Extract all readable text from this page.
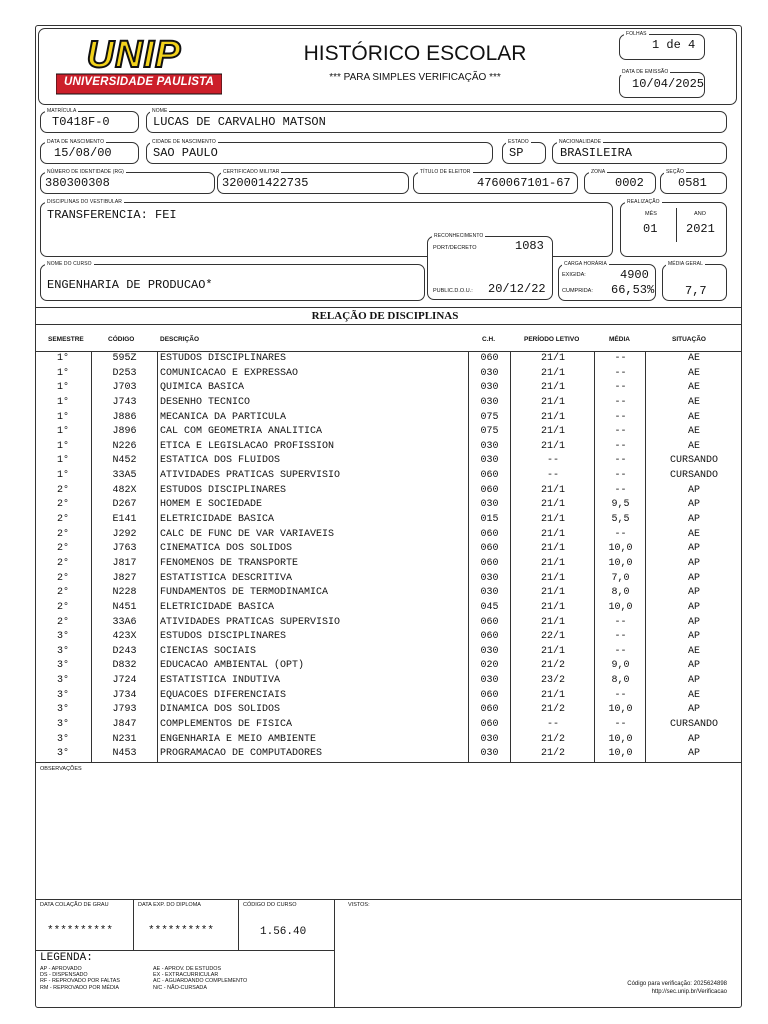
UNIP
UNIVERSIDADE PAULISTA
HISTÓRICO ESCOLAR
*** PARA SIMPLES VERIFICAÇÃO ***
FOLHAS
1 de 4
DATA DE EMISSÃO
10/04/2025
MATRÍCULA
T0418F-0
NOME
LUCAS DE CARVALHO MATSON
DATA DE NASCIMENTO
15/08/00
CIDADE DE NASCIMENTO
SAO PAULO
ESTADO
SP
NACIONALIDADE
BRASILEIRA
NÚMERO DE IDENTIDADE (RG)
380300308
CERTIFICADO MILITAR
320001422735
TÍTULO DE ELEITOR
4760067101-67
ZONA
0002
SEÇÃO
0581
DISCIPLINAS DO VESTIBULAR
TRANSFERENCIA: FEI
REALIZAÇÃO
MÊS	ANO
01 2021
NOME DO CURSO
ENGENHARIA DE PRODUCAO*
RECONHECIMENTO
PORT/DECRETO	1083
PUBLIC.D.O.U.: 20/12/22
CARGA HORÁRIA
EXIGIDA:	4900
CUMPRIDA: 66,53%
MÉDIA GERAL
7,7
RELAÇÃO DE DISCIPLINAS
SEMESTRE	CÓDIGO	DESCRIÇÃO	C.H.	PERÍODO LETIVO	MÉDIA	SITUAÇÃO
1°	595Z	ESTUDOS DISCIPLINARES	060	21/1	--	AE
1°	D253	COMUNICACAO E EXPRESSAO	030	21/1	--	AE
1°	J703	QUIMICA BASICA	030	21/1	--	AE
1°	J743	DESENHO TECNICO	030	21/1	--	AE
1°	J886	MECANICA DA PARTICULA	075	21/1	--	AE
1°	J896	CAL COM GEOMETRIA ANALITICA	075	21/1	--	AE
1°	N226	ETICA E LEGISLACAO PROFISSION	030	21/1	--	AE
1°	N452	ESTATICA DOS FLUIDOS	030	--	--	CURSANDO
1°	33A5	ATIVIDADES PRATICAS SUPERVISIO	060	--	--	CURSANDO
2°	482X	ESTUDOS DISCIPLINARES	060	21/1	--	AP
2°	D267	HOMEM E SOCIEDADE	030	21/1	9,5	AP
2°	E141	ELETRICIDADE BASICA	015	21/1	5,5	AP
2°	J292	CALC DE FUNC DE VAR VARIAVEIS	060	21/1	--	AE
2°	J763	CINEMATICA DOS SOLIDOS	060	21/1	10,0	AP
2°	J817	FENOMENOS DE TRANSPORTE	060	21/1	10,0	AP
2°	J827	ESTATISTICA DESCRITIVA	030	21/1	7,0	AP
2°	N228	FUNDAMENTOS DE TERMODINAMICA	030	21/1	8,0	AP
2°	N451	ELETRICIDADE BASICA	045	21/1	10,0	AP
2°	33A6	ATIVIDADES PRATICAS SUPERVISIO	060	21/1	--	AP
3°	423X	ESTUDOS DISCIPLINARES	060	22/1	--	AP
3°	D243	CIENCIAS SOCIAIS	030	21/1	--	AE
3°	D832	EDUCACAO AMBIENTAL (OPT)	020	21/2	9,0	AP
3°	J724	ESTATISTICA INDUTIVA	030	23/2	8,0	AP
3°	J734	EQUACOES DIFERENCIAIS	060	21/1	--	AE
3°	J793	DINAMICA DOS SOLIDOS	060	21/2	10,0	AP
3°	J847	COMPLEMENTOS DE FISICA	060	--	--	CURSANDO
3°	N231	ENGENHARIA E MEIO AMBIENTE	030	21/2	10,0	AP
3°	N453	PROGRAMACAO DE COMPUTADORES	030	21/2	10,0	AP
OBSERVAÇÕES
DATA COLAÇÃO DE GRAU
**********
DATA EXP. DO DIPLOMA
**********
CÓDIGO DO CURSO
1.56.40
VISTOS:
LEGENDA:
AP - APROVADO
DS - DISPENSADO
RF - REPROVADO POR FALTAS
RM - REPROVADO POR MÉDIA
AE - APROV. DE ESTUDOS
EX - EXTRACURRICULAR
AC - AGUARDANDO COMPLEMENTO
N/C - NÃO-CURSADA
Código para verificação: 2025624898
http://sec.unip.br/Verificacao
